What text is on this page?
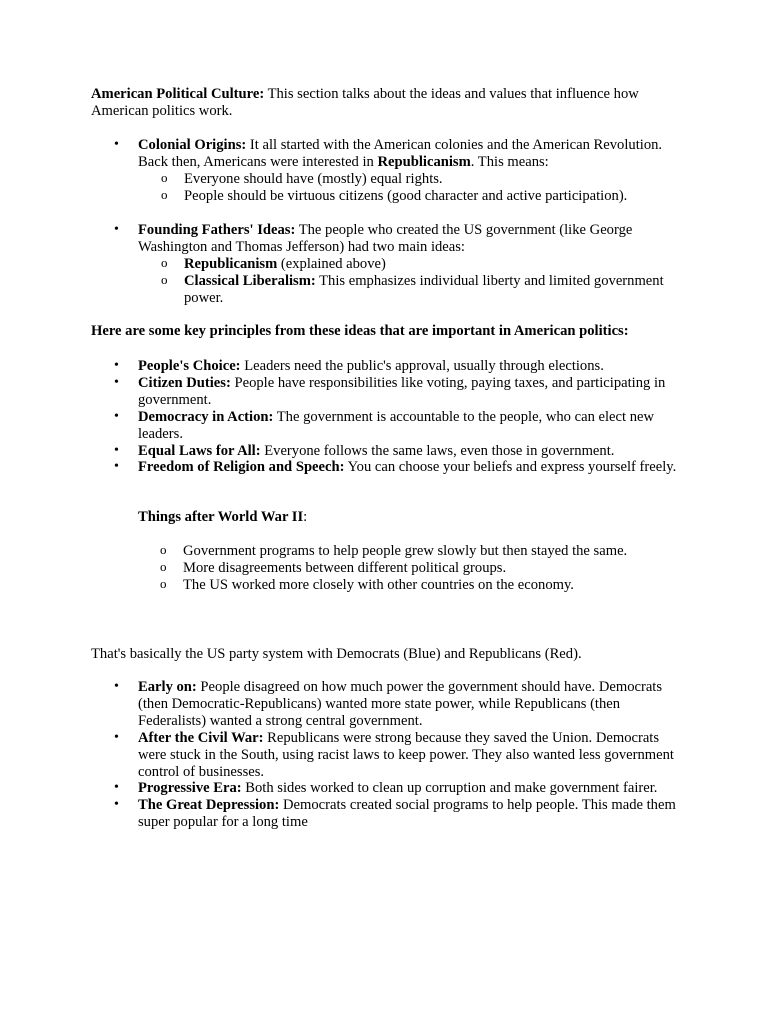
American Political Culture: This section talks about the ideas and values that influence how American politics work.

• Colonial Origins: It all started with the American colonies and the American Revolution. Back then, Americans were interested in Republicanism. This means:
o Everyone should have (mostly) equal rights.
o People should be virtuous citizens (good character and active participation).
• Founding Fathers' Ideas: The people who created the US government (like George Washington and Thomas Jefferson) had two main ideas:
o Republicanism (explained above)
o Classical Liberalism: This emphasizes individual liberty and limited government power.

Here are some key principles from these ideas that are important in American politics:

• People's Choice: Leaders need the public's approval, usually through elections.
• Citizen Duties: People have responsibilities like voting, paying taxes, and participating in government.
• Democracy in Action: The government is accountable to the people, who can elect new leaders.
• Equal Laws for All: Everyone follows the same laws, even those in government.
• Freedom of Religion and Speech: You can choose your beliefs and express yourself freely.

Things after World War II:

o Government programs to help people grew slowly but then stayed the same.
o More disagreements between different political groups.
o The US worked more closely with other countries on the economy.

That's basically the US party system with Democrats (Blue) and Republicans (Red).

• Early on: People disagreed on how much power the government should have. Democrats (then Democratic-Republicans) wanted more state power, while Republicans (then Federalists) wanted a strong central government.
• After the Civil War: Republicans were strong because they saved the Union. Democrats were stuck in the South, using racist laws to keep power. They also wanted less government control of businesses.
• Progressive Era: Both sides worked to clean up corruption and make government fairer.
• The Great Depression: Democrats created social programs to help people. This made them super popular for a long time
